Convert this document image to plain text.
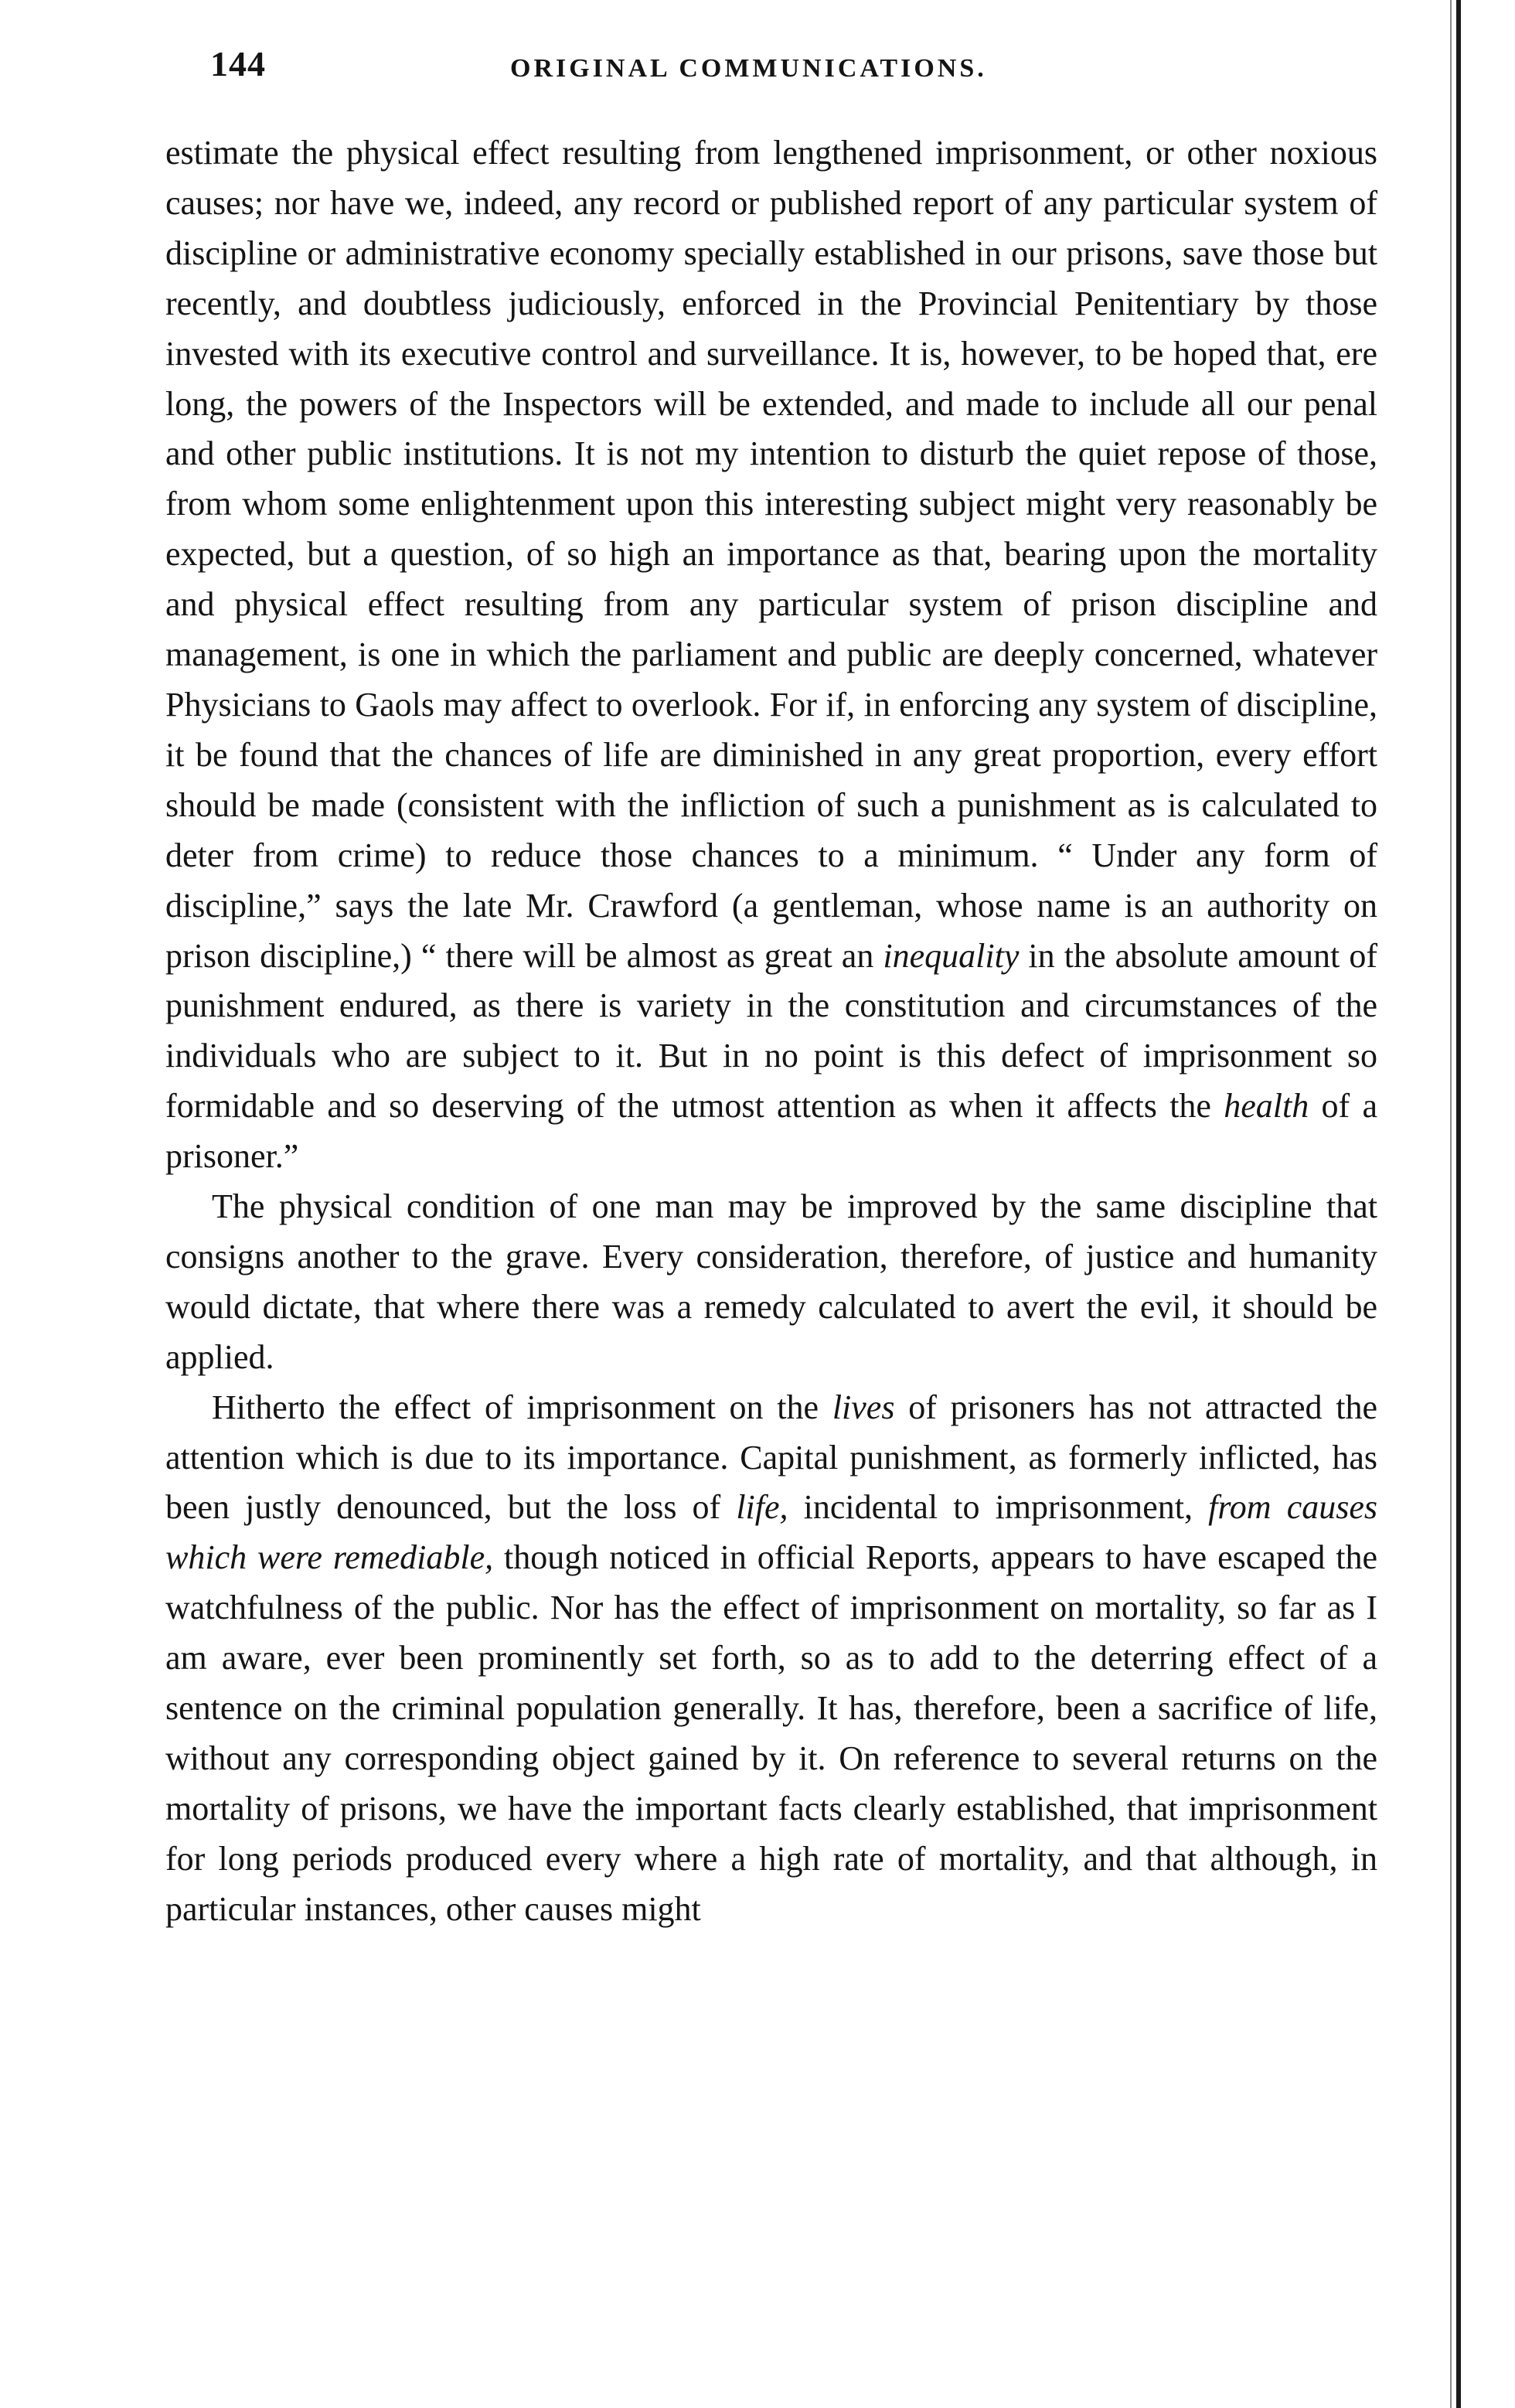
144	ORIGINAL COMMUNICATIONS.

estimate the physical effect resulting from lengthened imprisonment, or other noxious causes; nor have we, indeed, any record or published report of any particular system of discipline or administrative economy specially established in our prisons, save those but recently, and doubtless judiciously, enforced in the Provincial Penitentiary by those invested with its executive control and surveillance. It is, however, to be hoped that, ere long, the powers of the Inspectors will be extended, and made to include all our penal and other public institutions. It is not my intention to disturb the quiet repose of those, from whom some enlightenment upon this interesting subject might very reasonably be expected, but a question, of so high an importance as that, bearing upon the mortality and physical effect resulting from any particular system of prison discipline and management, is one in which the parliament and public are deeply concerned, whatever Physicians to Gaols may affect to overlook. For if, in enforcing any system of discipline, it be found that the chances of life are diminished in any great proportion, every effort should be made (consistent with the infliction of such a punishment as is calculated to deter from crime) to reduce those chances to a minimum. “ Under any form of discipline,” says the late Mr. Crawford (a gentleman, whose name is an authority on prison discipline,) “ there will be almost as great an inequality in the absolute amount of punishment endured, as there is variety in the constitution and circumstances of the individuals who are subject to it. But in no point is this defect of imprisonment so formidable and so deserving of the utmost attention as when it affects the health of a prisoner.”

The physical condition of one man may be improved by the same discipline that consigns another to the grave. Every consideration, therefore, of justice and humanity would dictate, that where there was a remedy calculated to avert the evil, it should be applied.

Hitherto the effect of imprisonment on the lives of prisoners has not attracted the attention which is due to its importance. Capital punishment, as formerly inflicted, has been justly denounced, but the loss of life, incidental to imprisonment, from causes which were remediable, though noticed in official Reports, appears to have escaped the watchfulness of the public. Nor has the effect of imprisonment on mortality, so far as I am aware, ever been prominently set forth, so as to add to the deterring effect of a sentence on the criminal population generally. It has, therefore, been a sacrifice of life, without any corresponding object gained by it. On reference to several returns on the mortality of prisons, we have the important facts clearly established, that imprisonment for long periods produced every where a high rate of mortality, and that although, in particular instances, other causes might
